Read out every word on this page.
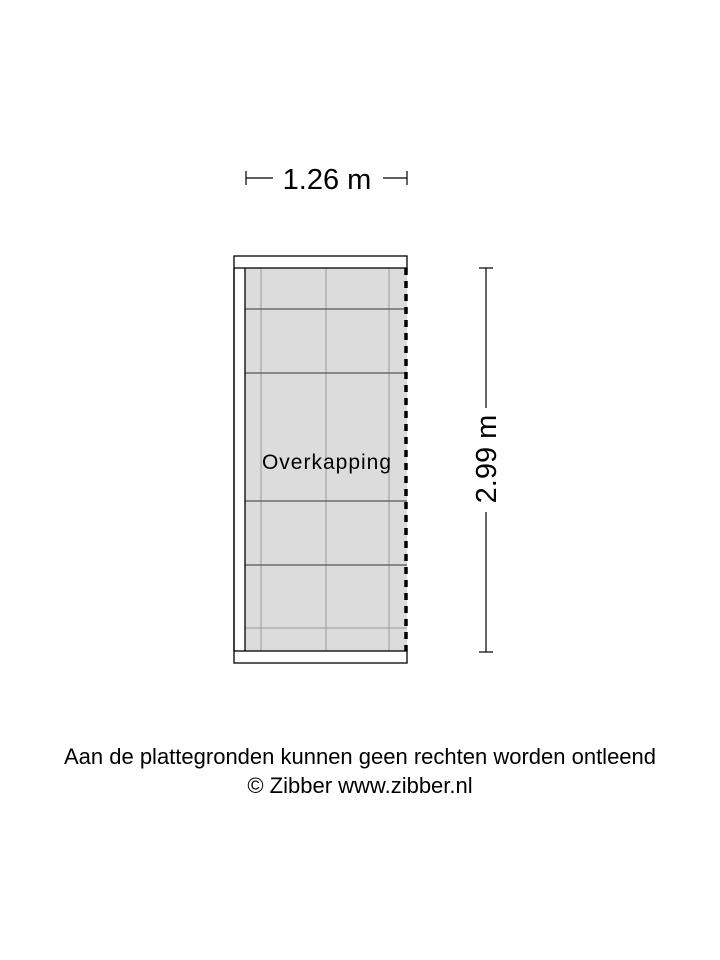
1.26 m
Overkapping	2.99 m
Aan de plattegronden kunnen geen rechten worden ontleend
© Zibber www.zibber.nl
